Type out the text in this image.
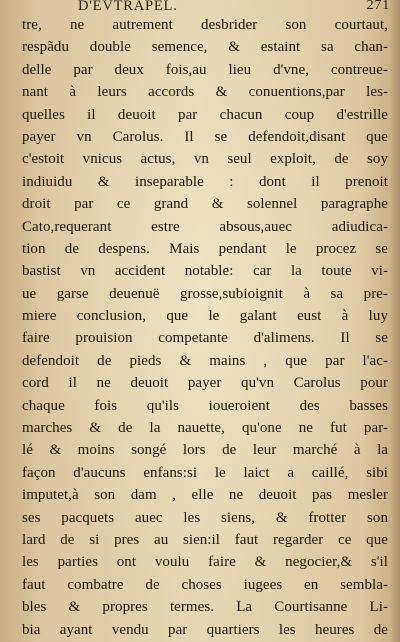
D'EVTRAPEL.	271
tre, ne autrement desbrider son courtaut,
respãdu double semence, & estaint sa chan-
delle par deux fois,au lieu d'vne, contreue-
nant à leurs accords & conuentions,par les-
quelles il deuoit par chacun coup d'estrille
payer vn Carolus. Il se defendoit,disant que
c'estoit vnicus actus, vn seul exploit, de soy
indiuidu & inseparable : dont il prenoit
droit par ce grand & solennel paragraphe
Cato,requerant estre absous,auec adiudica-
tion de despens. Mais pendant le procez se
bastist vn accident notable: car la toute vi-
ue garse deuenuë grosse,subioignit à sa pre-
miere conclusion, que le galant eust à luy
faire prouision competante d'alimens. Il se
defendoit de pieds & mains , que par l'ac-
cord il ne deuoit payer qu'vn Carolus pour
chaque fois qu'ils ioueroient des basses
marches & de la nauette, qu'one ne fut par-
lé & moins songé lors de leur marché à la
façon d'aucuns enfans:si le laict a caillé, sibi
imputet,à son dam , elle ne deuoit pas mesler
ses pacquets auec les siens, & frotter son
lard de si pres au sien:il faut regarder ce que
les parties ont voulu faire & negocier,& s'il
faut combatre de choses iugees en sembla-
bles & propres termes. La Courtisanne Li-
bia ayant vendu par quartiers les heures de
